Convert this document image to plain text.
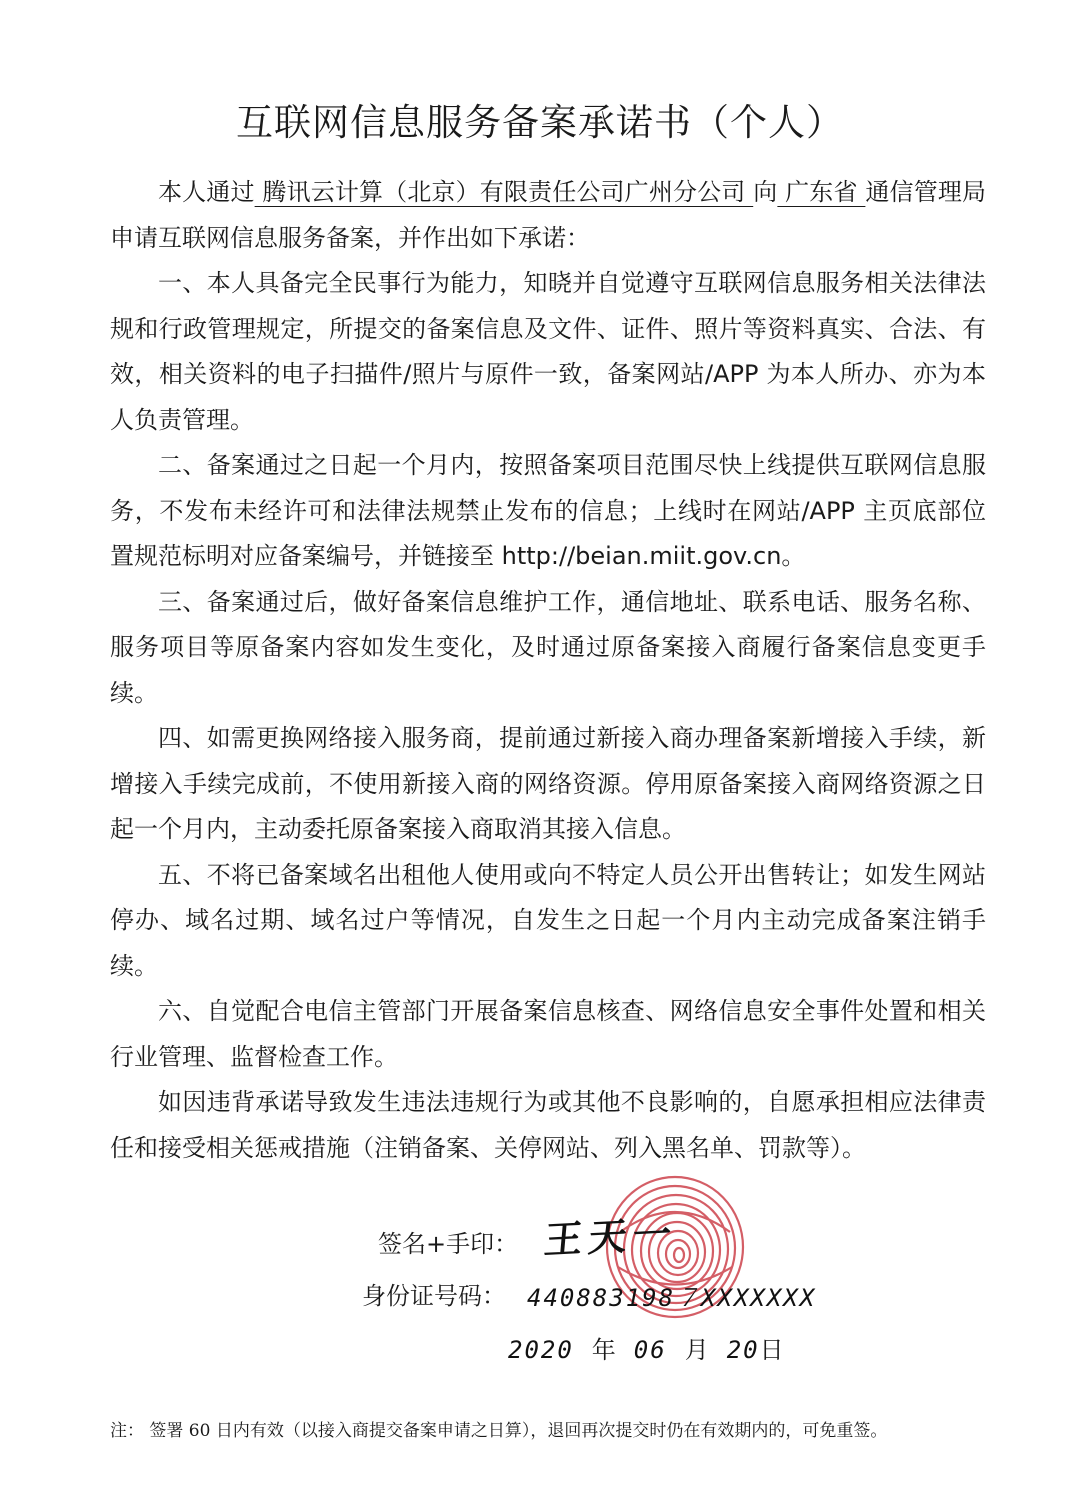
互联网信息服务备案承诺书（个人）

本人通过 腾讯云计算（北京）有限责任公司广州分公司 向 广东省 通信管理局申请互联网信息服务备案，并作出如下承诺：

一、本人具备完全民事行为能力，知晓并自觉遵守互联网信息服务相关法律法规和行政管理规定，所提交的备案信息及文件、证件、照片等资料真实、合法、有效，相关资料的电子扫描件/照片与原件一致，备案网站/APP 为本人所办、亦为本人负责管理。

二、备案通过之日起一个月内，按照备案项目范围尽快上线提供互联网信息服务，不发布未经许可和法律法规禁止发布的信息；上线时在网站/APP 主页底部位置规范标明对应备案编号，并链接至 http://beian.miit.gov.cn。

三、备案通过后，做好备案信息维护工作，通信地址、联系电话、服务名称、服务项目等原备案内容如发生变化，及时通过原备案接入商履行备案信息变更手续。

四、如需更换网络接入服务商，提前通过新接入商办理备案新增接入手续，新增接入手续完成前，不使用新接入商的网络资源。停用原备案接入商网络资源之日起一个月内，主动委托原备案接入商取消其接入信息。

五、不将已备案域名出租他人使用或向不特定人员公开出售转让；如发生网站停办、域名过期、域名过户等情况，自发生之日起一个月内主动完成备案注销手续。

六、自觉配合电信主管部门开展备案信息核查、网络信息安全事件处置和相关行业管理、监督检查工作。

如因违背承诺导致发生违法违规行为或其他不良影响的，自愿承担相应法律责任和接受相关惩戒措施（注销备案、关停网站、列入黑名单、罚款等）。

签名+手印： 王天一
身份证号码： 440883198７XXXXXXX
2020 年 06 月 20日
注： 签署 60 日内有效（以接入商提交备案申请之日算），退回再次提交时仍在有效期内的，可免重签。
